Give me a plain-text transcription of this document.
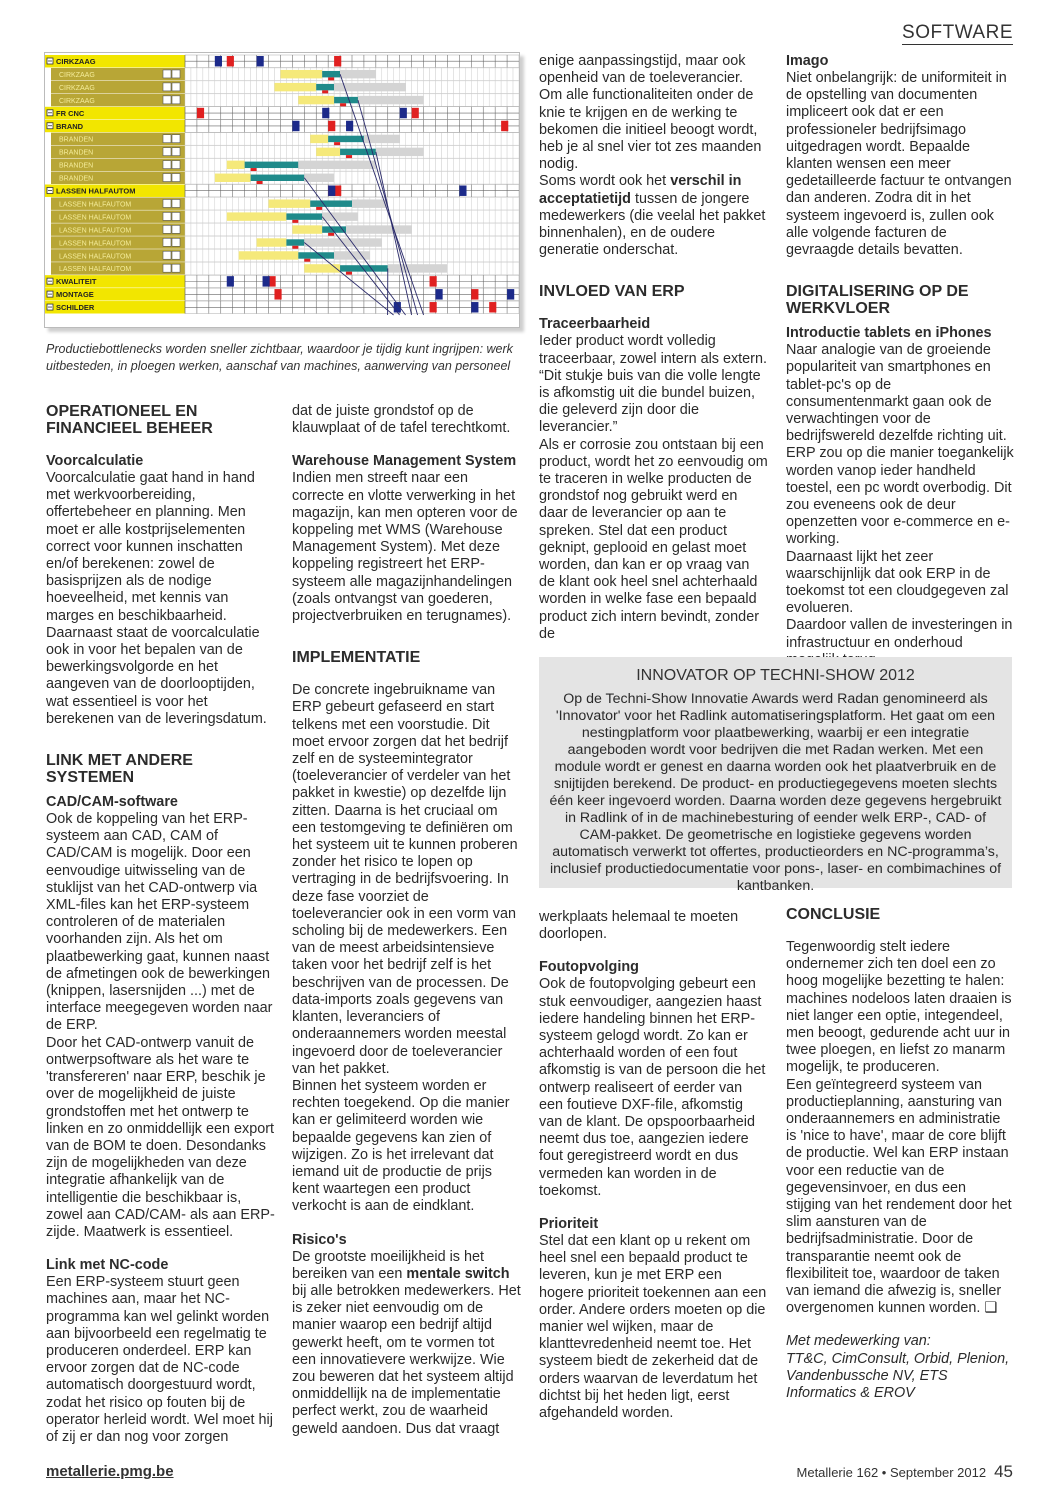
SOFTWARE
CIRKZAAG
CIRKZAAG
CIRKZAAG
CIRKZAAG
FR CNC
BRAND
BRANDEN
BRANDEN
BRANDEN
BRANDEN
LASSEN HALFAUTOM
LASSEN HALFAUTOM
LASSEN HALFAUTOM
LASSEN HALFAUTOM
LASSEN HALFAUTOM
LASSEN HALFAUTOM
LASSEN HALFAUTOM
KWALITEIT
MONTAGE
SCHILDER
Productiebottlenecks worden sneller zichtbaar, waardoor je tijdig kunt ingrijpen: werk uitbesteden, in ploegen werken, aanschaf van machines, aanwerving van personeel

OPERATIONEEL EN FINANCIEEL BEHEER

Voorcalculatie

Voorcalculatie gaat hand in hand met werkvoorbereiding, offertebeheer en planning. Men moet er alle kostprijselementen correct voor kunnen inschatten en/of berekenen: zowel de basisprijzen als de nodige hoeveelheid, met kennis van marges en beschikbaarheid. Daarnaast staat de voorcalculatie ook in voor het bepalen van de bewerkingsvolgorde en het aangeven van de doorlooptijden, wat essentieel is voor het berekenen van de leveringsdatum.

LINK MET ANDERE SYSTEMEN

CAD/CAM-software

Ook de koppeling van het ERP-systeem aan CAD, CAM of CAD/CAM is mogelijk. Door een eenvoudige uitwisseling van de stuklijst van het CAD-ontwerp via XML-files kan het ERP-systeem controleren of de materialen voorhanden zijn. Als het om plaatbewerking gaat, kunnen naast de afmetingen ook de bewerkingen (knippen, lasersnijden ...) met de interface meegegeven worden naar de ERP.

Door het CAD-ontwerp vanuit de ontwerpsoftware als het ware te 'transfereren' naar ERP, beschik je over de mogelijkheid de juiste grondstoffen met het ontwerp te linken en zo onmiddellijk een export van de BOM te doen. Desondanks zijn de mogelijkheden van deze integratie afhankelijk van de intelligentie die beschikbaar is, zowel aan CAD/CAM- als aan ERP-zijde. Maatwerk is essentieel.

Link met NC-code

Een ERP-systeem stuurt geen machines aan, maar het NC-programma kan wel gelinkt worden aan bijvoorbeeld een regelmatig te produceren onderdeel. ERP kan ervoor zorgen dat de NC-code automatisch doorgestuurd wordt, zodat het risico op fouten bij de operator herleid wordt. Wel moet hij of zij er dan nog voor zorgen

dat de juiste grondstof op de klauwplaat of de tafel terechtkomt.

Warehouse Management System

Indien men streeft naar een correcte en vlotte verwerking in het magazijn, kan men opteren voor de koppeling met WMS (Warehouse Management System). Met deze koppeling registreert het ERP-systeem alle magazijnhandelingen (zoals ontvangst van goederen, projectverbruiken en terugnames).

IMPLEMENTATIE

De concrete ingebruikname van ERP gebeurt gefaseerd en start telkens met een voorstudie. Dit moet ervoor zorgen dat het bedrijf zelf en de systeemintegrator (toeleverancier of verdeler van het pakket in kwestie) op dezelfde lijn zitten. Daarna is het cruciaal om een testomgeving te definiëren om het systeem uit te kunnen proberen zonder het risico te lopen op vertraging in de bedrijfsvoering. In deze fase voorziet de toeleverancier ook in een vorm van scholing bij de medewerkers. Een van de meest arbeidsintensieve taken voor het bedrijf zelf is het beschrijven van de processen. De data-imports zoals gegevens van klanten, leveranciers of onderaannemers worden meestal ingevoerd door de toeleverancier van het pakket.

Binnen het systeem worden er rechten toegekend. Op die manier kan er gelimiteerd worden wie bepaalde gegevens kan zien of wijzigen. Zo is het irrelevant dat iemand uit de productie de prijs kent waartegen een product verkocht is aan de eindklant.

Risico's

De grootste moeilijkheid is het bereiken van een mentale switch bij alle betrokken medewerkers. Het is zeker niet eenvoudig om de manier waarop een bedrijf altijd gewerkt heeft, om te vormen tot een innovatievere werkwijze. Wie zou beweren dat het systeem altijd onmiddellijk na de implementatie perfect werkt, zou de waarheid geweld aandoen. Dus dat vraagt

enige aanpassingstijd, maar ook openheid van de toeleverancier. Om alle functionaliteiten onder de knie te krijgen en de werking te bekomen die initieel beoogt wordt, heb je al snel vier tot zes maanden nodig.

Soms wordt ook het verschil in acceptatietijd tussen de jongere medewerkers (die veelal het pakket binnenhalen), en de oudere generatie onderschat.

INVLOED VAN ERP

Traceerbaarheid

Ieder product wordt volledig traceerbaar, zowel intern als extern. “Dit stukje buis van die volle lengte is afkomstig uit die bundel buizen, die geleverd zijn door die leverancier.”

Als er corrosie zou ontstaan bij een product, wordt het zo eenvoudig om te traceren in welke producten de grondstof nog gebruikt werd en daar de leverancier op aan te spreken. Stel dat een product geknipt, geplooid en gelast moet worden, dan kan er op vraag van de klant ook heel snel achterhaald worden in welke fase een bepaald product zich intern bevindt, zonder de

Imago

Niet onbelangrijk: de uniformiteit in de opstelling van documenten impliceert ook dat er een professioneler bedrijfsimago uitgedragen wordt. Bepaalde klanten wensen een meer gedetailleerde factuur te ontvangen dan anderen. Zodra dit in het systeem ingevoerd is, zullen ook alle volgende facturen de gevraagde details bevatten.

DIGITALISERING OP DE WERKVLOER

Introductie tablets en iPhones

Naar analogie van de groeiende populariteit van smartphones en tablet-pc's op de consumentenmarkt gaan ook de verwachtingen voor de bedrijfswereld dezelfde richting uit. ERP zou op die manier toegankelijk worden vanop ieder handheld toestel, een pc wordt overbodig. Dit zou eveneens ook de deur openzetten voor e-commerce en e-working.

Daarnaast lijkt het zeer waarschijnlijk dat ook ERP in de toekomst tot een cloudgegeven zal evolueren.

Daardoor vallen de investeringen in infrastructuur en onderhoud

INNOVATOR OP TECHNI-SHOW 2012
Op de Techni-Show Innovatie Awards werd Radan genomineerd als 'Innovator' voor het Radlink automatiseringsplatform. Het gaat om een nestingplatform voor plaatbewerking, waarbij er een integratie aangeboden wordt voor bedrijven die met Radan werken. Met een module wordt er genest en daarna worden ook het plaatverbruik en de snijtijden berekend. De product- en productiegegevens moeten slechts één keer ingevoerd worden. Daarna worden deze gegevens hergebruikt in Radlink of in de machinebesturing of eender welk ERP-, CAD- of CAM-pakket. De geometrische en logistieke gegevens worden automatisch verwerkt tot offertes, productieorders en NC-programma’s, inclusief productiedocumentatie voor pons-, laser- en combimachines of kantbanken.

werkplaats helemaal te moeten doorlopen.

Foutopvolging

Ook de foutopvolging gebeurt een stuk eenvoudiger, aangezien haast iedere handeling binnen het ERP-systeem gelogd wordt. Zo kan er achterhaald worden of een fout afkomstig is van de persoon die het ontwerp realiseert of eerder van een foutieve DXF-file, afkomstig van de klant. De opspoorbaarheid neemt dus toe, aangezien iedere fout geregistreerd wordt en dus vermeden kan worden in de toekomst.

Prioriteit

Stel dat een klant op u rekent om heel snel een bepaald product te leveren, kun je met ERP een hogere prioriteit toekennen aan een order. Andere orders moeten op die manier wel wijken, maar de klanttevredenheid neemt toe. Het systeem biedt de zekerheid dat de orders waarvan de leverdatum het dichtst bij het heden ligt, eerst afgehandeld worden.

CONCLUSIE

Tegenwoordig stelt iedere ondernemer zich ten doel een zo hoog mogelijke bezetting te halen: machines nodeloos laten draaien is niet langer een optie, integendeel, men beoogt, gedurende acht uur in twee ploegen, en liefst zo manarm mogelijk, te produceren.

Een geïntegreerd systeem van productieplanning, aansturing van onderaannemers en administratie is 'nice to have', maar de core blijft de productie. Wel kan ERP instaan voor een reductie van de gegevensinvoer, en dus een stijging van het rendement door het slim aansturen van de bedrijfsadministratie. Door de transparantie neemt ook de flexibiliteit toe, waardoor de taken van iemand die afwezig is, sneller overgenomen kunnen worden. ❑

Met medewerking van:

TT&C, CimConsult, Orbid, Plenion, Vandenbussche NV, ETS Informatics & EROV

metallerie.pmg.be	Metallerie 162 • September 2012 45
